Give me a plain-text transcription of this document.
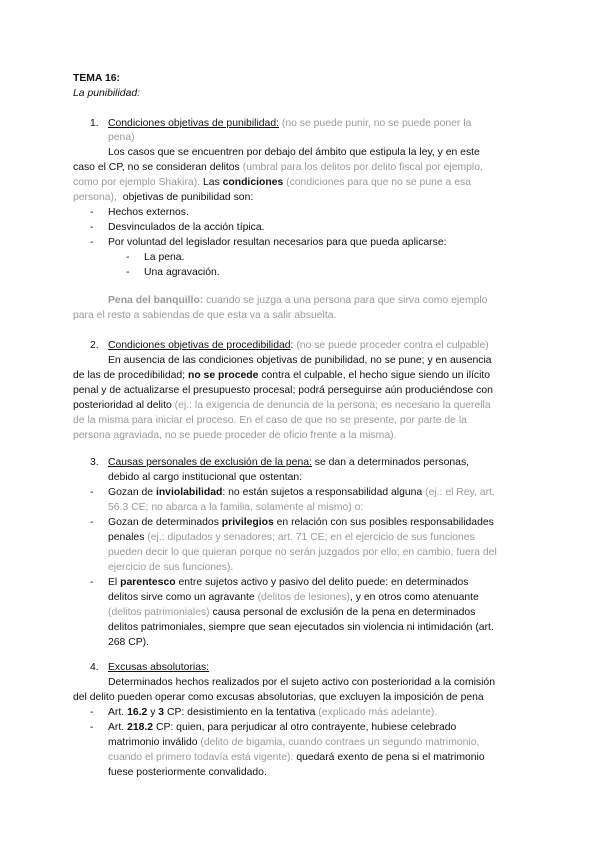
TEMA 16:
La punibilidad:
1. Condiciones objetivas de punibilidad: (no se puede punir, no se puede poner la
pena)
Los casos que se encuentren por debajo del ámbito que estipula la ley, y en este
caso el CP, no se consideran delitos (umbral para los delitos por delito fiscal por ejemplo,
como por ejemplo Shakira). Las condiciones (condiciones para que no se pune a esa
persona), objetivas de punibilidad son:
- Hechos externos.
- Desvinculados de la acción típica.
- Por voluntad del legislador resultan necesarios para que pueda aplicarse:
- La pena.
- Una agravación.
Pena del banquillo: cuando se juzga a una persona para que sirva como ejemplo
para el resto a sabiendas de que esta va a salir absuelta.
2. Condiciones objetivas de procedibilidad: (no se puede proceder contra el culpable)
En ausencia de las condiciones objetivas de punibilidad, no se pune; y en ausencia
de las de procedibilidad; no se procede contra el culpable, el hecho sigue siendo un ilícito
penal y de actualizarse el presupuesto procesal; podrá perseguirse aún produciéndose con
posterioridad al delito (ej.: la exigencia de denuncia de la persona; es necesario la querella
de la misma para iniciar el proceso. En el caso de que no se presente, por parte de la
persona agraviada, no se puede proceder de oficio frente a la misma).
3. Causas personales de exclusión de la pena: se dan a determinados personas,
debido al cargo institucional que ostentan:
- Gozan de inviolabilidad: no están sujetos a responsabilidad alguna (ej.: el Rey, art.
56.3 CE; no abarca a la familia, solamente al mismo) o:
- Gozan de determinados privilegios en relación con sus posibles responsabilidades
penales (ej.: diputados y senadores; art. 71 CE; en el ejercicio de sus funciones
pueden decir lo que quieran porque no serán juzgados por ello; en cambio, fuera del
ejercicio de sus funciones).
- El parentesco entre sujetos activo y pasivo del delito puede: en determinados
delitos sirve como un agravante (delitos de lesiones), y en otros como atenuante
(delitos patrimoniales) causa personal de exclusión de la pena en determinados
delitos patrimoniales, siempre que sean ejecutados sin violencia ni intimidación (art.
268 CP).
4. Excusas absolutorias:
Determinados hechos realizados por el sujeto activo con posterioridad a la comisión
del delito pueden operar como excusas absolutorias, que excluyen la imposición de pena
- Art. 16.2 y 3 CP: desistimiento en la tentativa (explicado más adelante).
- Art. 218.2 CP: quien, para perjudicar al otro contrayente, hubiese celebrado
matrimonio inválido (delito de bigamia, cuando contraes un segundo matrimonio,
cuando el primero todavía está vigente): quedará exento de pena si el matrimonio
fuese posteriormente convalidado.
